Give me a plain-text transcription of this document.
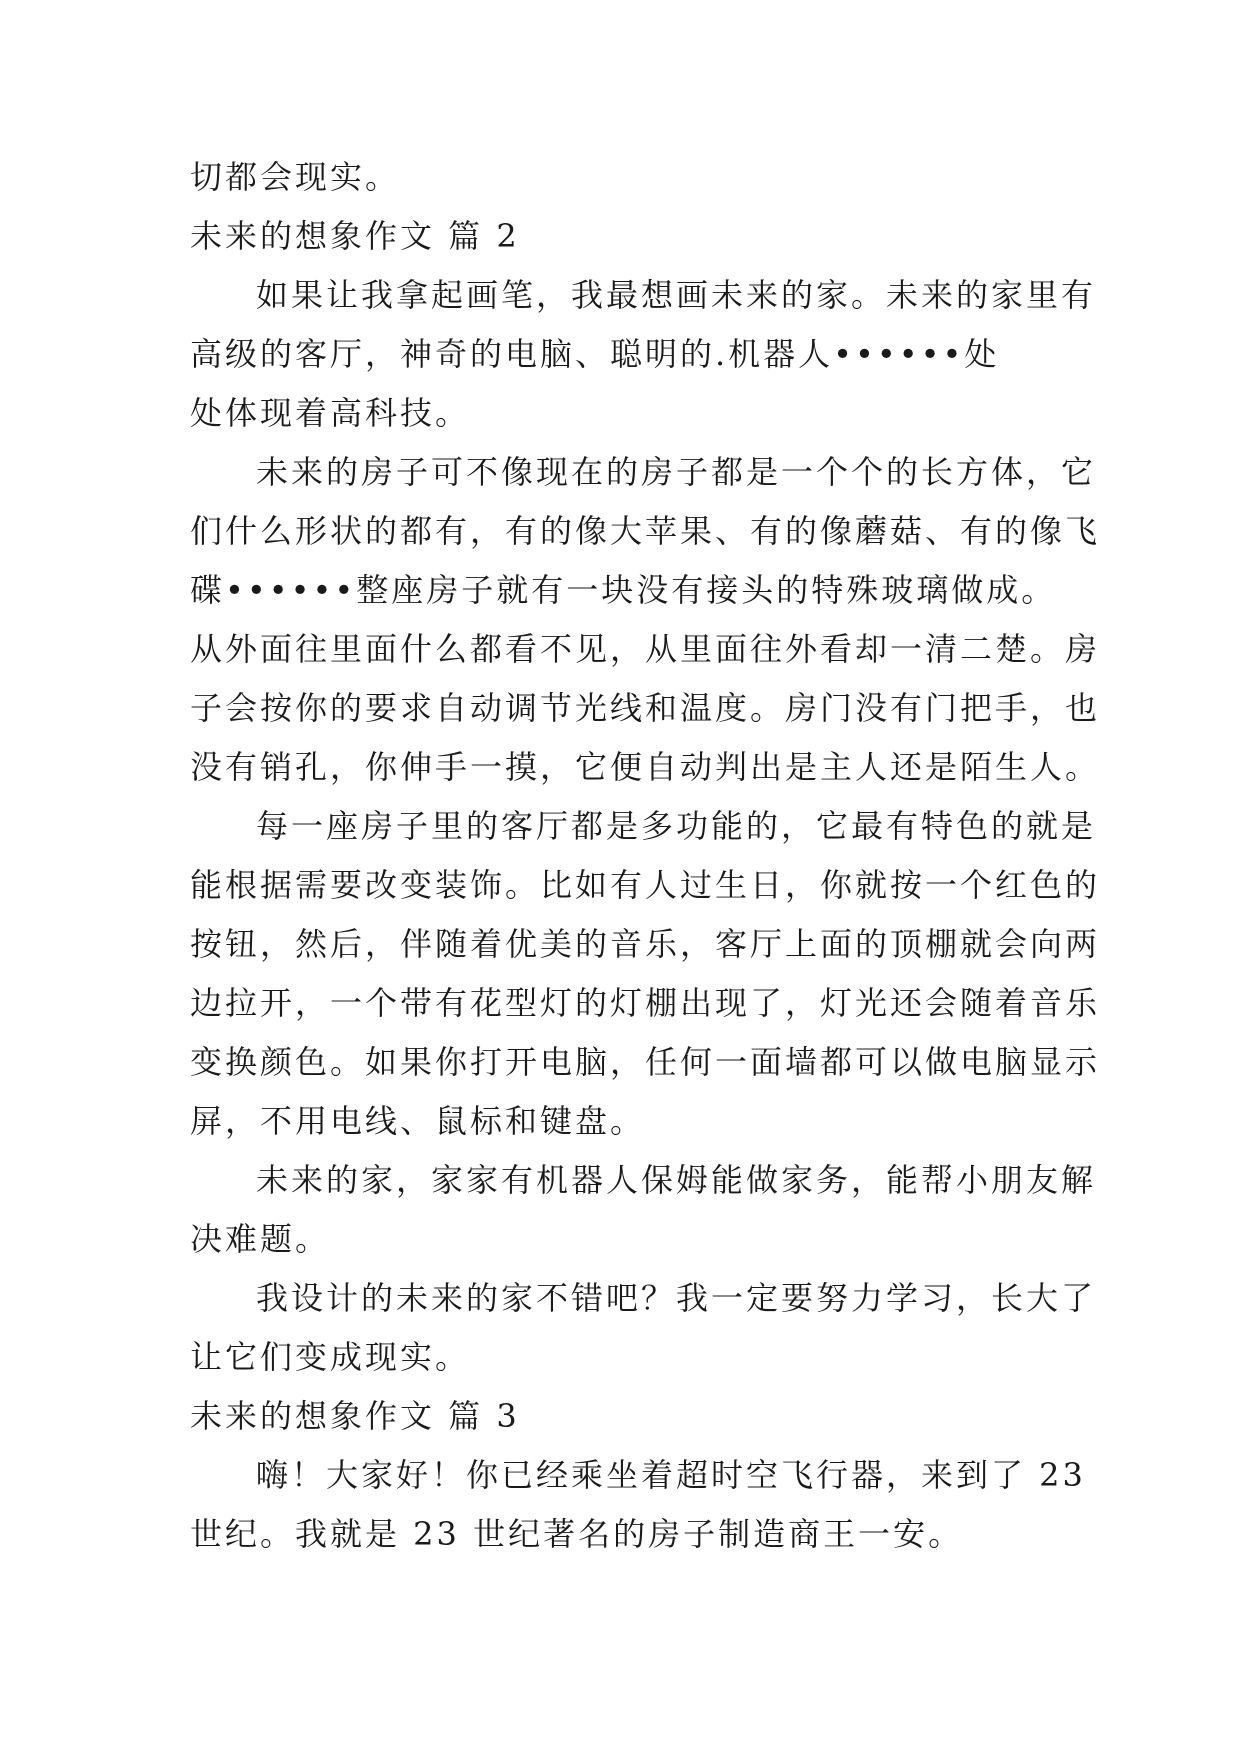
切都会现实。
未来的想象作文 篇 2
如果让我拿起画笔，我最想画未来的家。未来的家里有
高级的客厅，神奇的电脑、聪明的.机器人••••••处
处体现着高科技。
未来的房子可不像现在的房子都是一个个的长方体，它
们什么形状的都有，有的像大苹果、有的像蘑菇、有的像飞
碟••••••整座房子就有一块没有接头的特殊玻璃做成。
从外面往里面什么都看不见，从里面往外看却一清二楚。房
子会按你的要求自动调节光线和温度。房门没有门把手，也
没有销孔，你伸手一摸，它便自动判出是主人还是陌生人。
每一座房子里的客厅都是多功能的，它最有特色的就是
能根据需要改变装饰。比如有人过生日，你就按一个红色的
按钮，然后，伴随着优美的音乐，客厅上面的顶棚就会向两
边拉开，一个带有花型灯的灯棚出现了，灯光还会随着音乐
变换颜色。如果你打开电脑，任何一面墙都可以做电脑显示
屏，不用电线、鼠标和键盘。
未来的家，家家有机器人保姆能做家务，能帮小朋友解
决难题。
我设计的未来的家不错吧？我一定要努力学习，长大了
让它们变成现实。
未来的想象作文 篇 3
嗨！大家好！你已经乘坐着超时空飞行器，来到了 23
世纪。我就是 23 世纪著名的房子制造商王一安。
